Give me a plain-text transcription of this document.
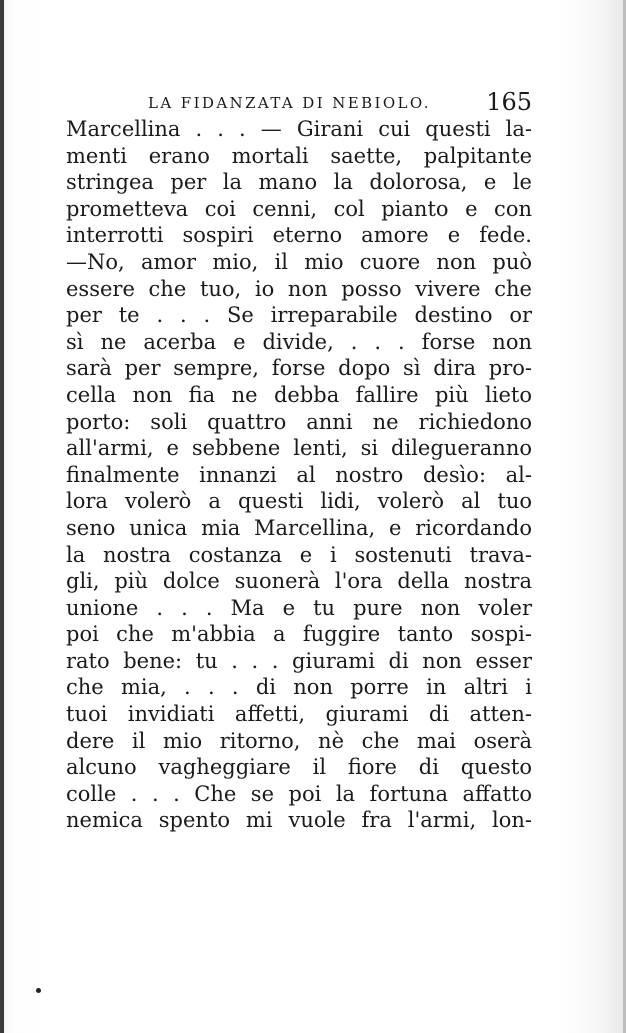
LA FIDANZATA DI NEBIOLO. 165
Marcellina . . . — Girani cui questi la-
menti erano mortali saette, palpitante
stringea per la mano la dolorosa, e le
prometteva coi cenni, col pianto e con
interrotti sospiri eterno amore e fede.
—No, amor mio, il mio cuore non può
essere che tuo, io non posso vivere che
per te . . . Se irreparabile destino or
sì ne acerba e divide, . . . forse non
sarà per sempre, forse dopo sì dira pro-
cella non fia ne debba fallire più lieto
porto: soli quattro anni ne richiedono
all'armi, e sebbene lenti, si dilegueranno
finalmente innanzi al nostro desìo: al-
lora volerò a questi lidi, volerò al tuo
seno unica mia Marcellina, e ricordando
la nostra costanza e i sostenuti trava-
gli, più dolce suonerà l'ora della nostra
unione . . . Ma e tu pure non voler
poi che m'abbia a fuggire tanto sospi-
rato bene: tu . . . giurami di non esser
che mia, . . . di non porre in altri i
tuoi invidiati affetti, giurami di atten-
dere il mio ritorno, nè che mai oserà
alcuno vagheggiare il fiore di questo
colle . . . Che se poi la fortuna affatto
nemica spento mi vuole fra l'armi, lon-
